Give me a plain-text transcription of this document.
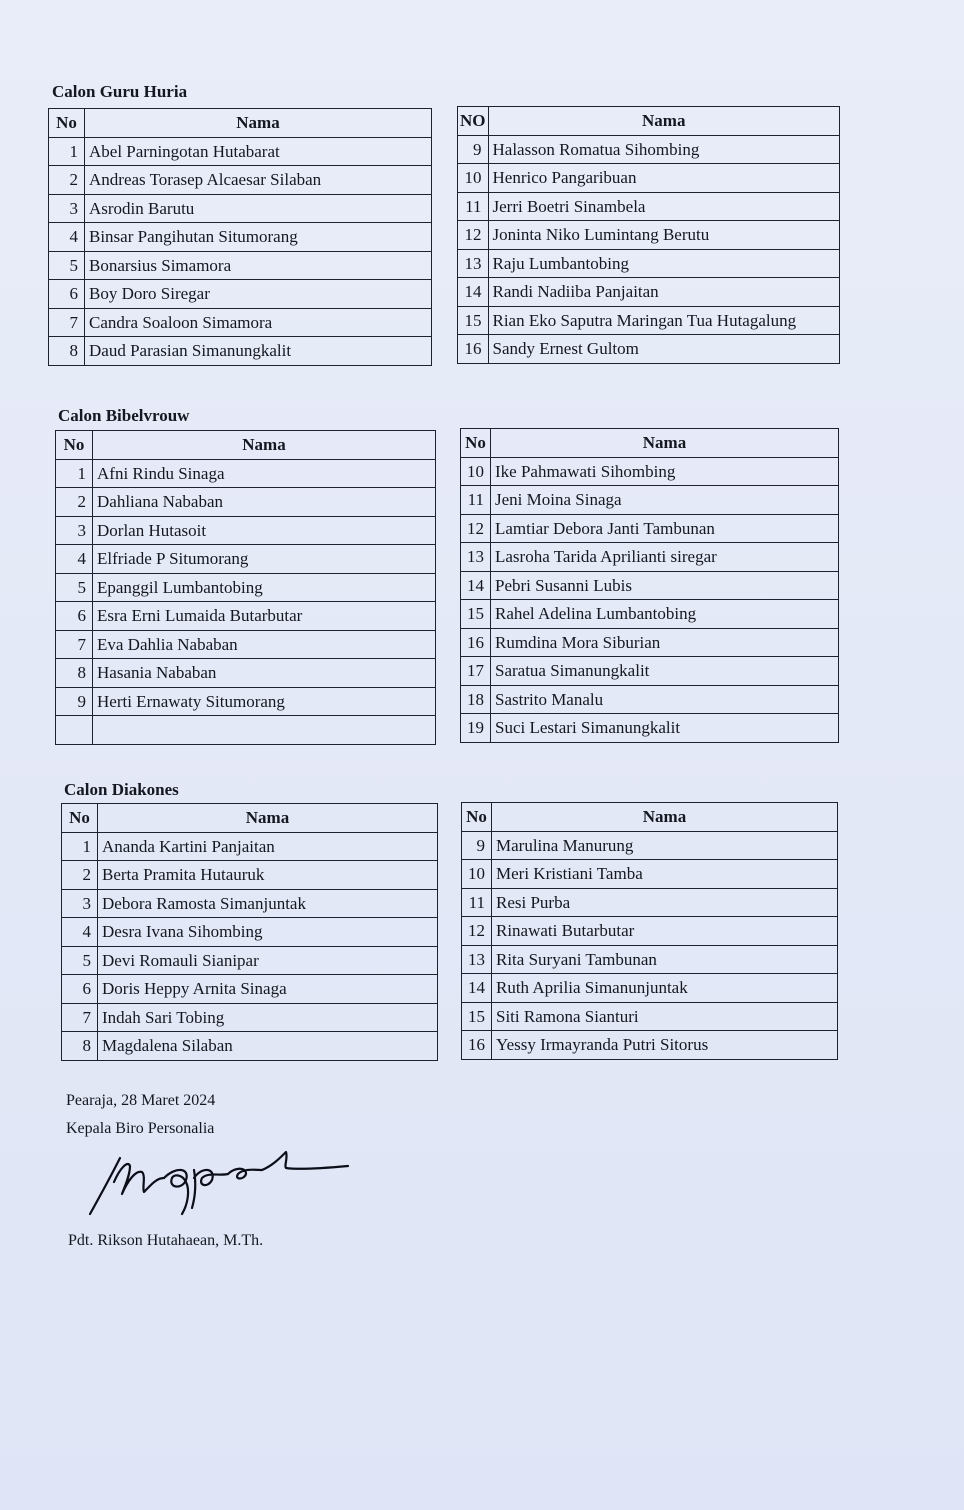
Calon Guru Huria
No	Nama
1	Abel Parningotan Hutabarat
2	Andreas Torasep Alcaesar Silaban
3	Asrodin Barutu
4	Binsar Pangihutan Situmorang
5	Bonarsius Simamora
6	Boy Doro Siregar
7	Candra Soaloon Simamora
8	Daud Parasian Simanungkalit
NO	Nama
9	Halasson Romatua Sihombing
10	Henrico Pangaribuan
11	Jerri Boetri Sinambela
12	Joninta Niko Lumintang Berutu
13	Raju Lumbantobing
14	Randi Nadiiba Panjaitan
15	Rian Eko Saputra Maringan Tua Hutagalung
16	Sandy Ernest Gultom
Calon Bibelvrouw
No	Nama
1	Afni Rindu Sinaga
2	Dahliana Nababan
3	Dorlan Hutasoit
4	Elfriade P Situmorang
5	Epanggil Lumbantobing
6	Esra Erni Lumaida Butarbutar
7	Eva Dahlia Nababan
8	Hasania Nababan
9	Herti Ernawaty Situmorang

No	Nama
10	Ike Pahmawati Sihombing
11	Jeni Moina Sinaga
12	Lamtiar Debora Janti Tambunan
13	Lasroha Tarida Aprilianti siregar
14	Pebri Susanni Lubis
15	Rahel Adelina Lumbantobing
16	Rumdina Mora Siburian
17	Saratua Simanungkalit
18	Sastrito Manalu
19	Suci Lestari Simanungkalit
Calon Diakones
No	Nama
1	Ananda Kartini Panjaitan
2	Berta Pramita Hutauruk
3	Debora Ramosta Simanjuntak
4	Desra Ivana Sihombing
5	Devi Romauli Sianipar
6	Doris Heppy Arnita Sinaga
7	Indah Sari Tobing
8	Magdalena Silaban
No	Nama
9	Marulina Manurung
10	Meri Kristiani Tamba
11	Resi Purba
12	Rinawati Butarbutar
13	Rita Suryani Tambunan
14	Ruth Aprilia Simanunjuntak
15	Siti Ramona Sianturi
16	Yessy Irmayranda Putri Sitorus
Pearaja, 28 Maret 2024
Kepala Biro Personalia
Pdt. Rikson Hutahaean, M.Th.
